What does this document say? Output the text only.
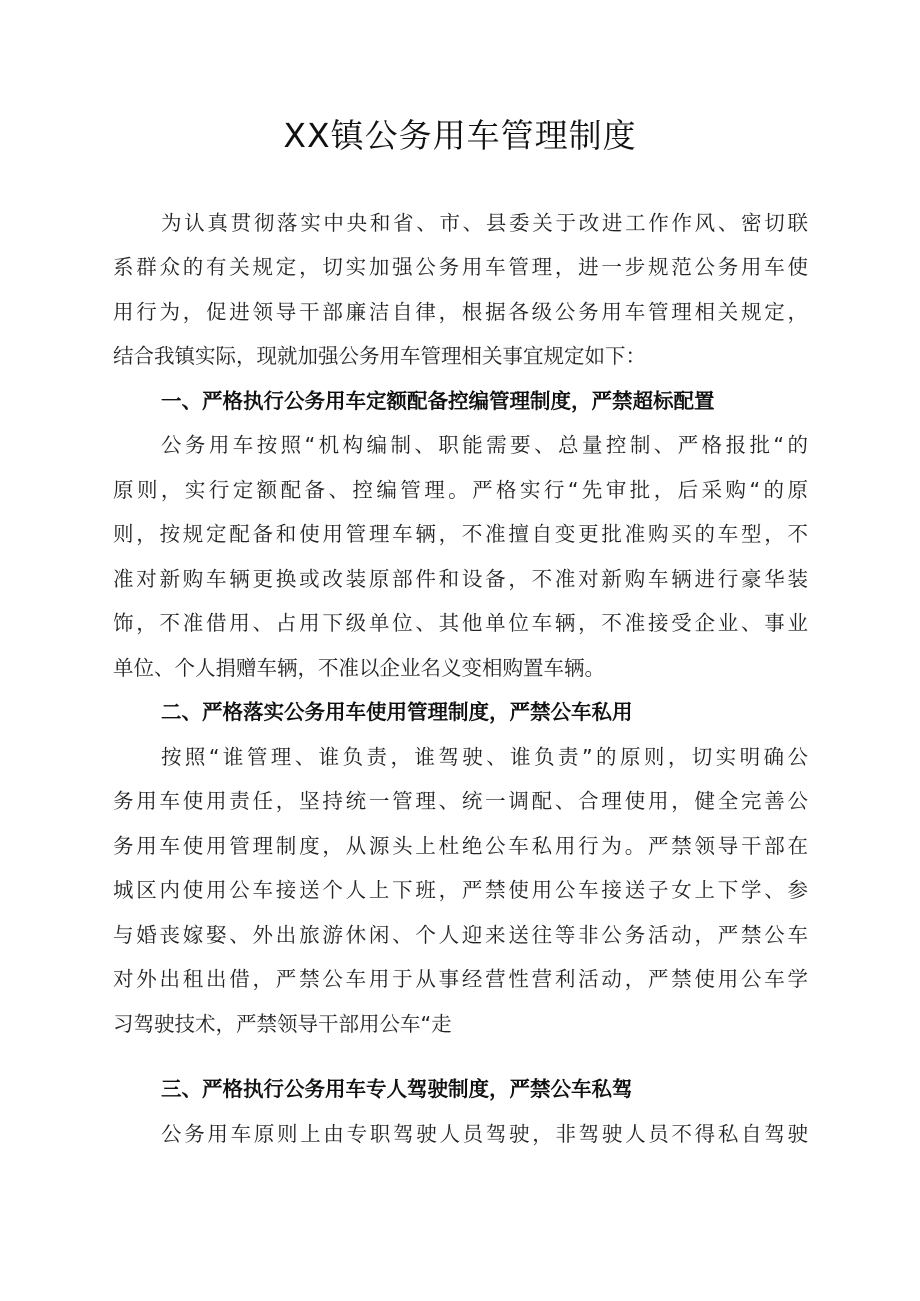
XX镇公务用车管理制度
为认真贯彻落实中央和省、市、县委关于改进工作作风、密切联
系群众的有关规定，切实加强公务用车管理，进一步规范公务用车使
用行为，促进领导干部廉洁自律，根据各级公务用车管理相关规定，
结合我镇实际，现就加强公务用车管理相关事宜规定如下：
一、严格执行公务用车定额配备控编管理制度，严禁超标配置
公务用车按照“机构编制、职能需要、总量控制、严格报批“的
原则，实行定额配备、控编管理。严格实行“先审批，后采购“的原
则，按规定配备和使用管理车辆，不准擅自变更批准购买的车型，不
准对新购车辆更换或改装原部件和设备，不准对新购车辆进行豪华装
饰，不准借用、占用下级单位、其他单位车辆，不准接受企业、事业
单位、个人捐赠车辆，不准以企业名义变相购置车辆。
二、严格落实公务用车使用管理制度，严禁公车私用
按照“谁管理、谁负责，谁驾驶、谁负责”的原则，切实明确公
务用车使用责任，坚持统一管理、统一调配、合理使用，健全完善公
务用车使用管理制度，从源头上杜绝公车私用行为。严禁领导干部在
城区内使用公车接送个人上下班，严禁使用公车接送子女上下学、参
与婚丧嫁娶、外出旅游休闲、个人迎来送往等非公务活动，严禁公车
对外出租出借，严禁公车用于从事经营性营利活动，严禁使用公车学
习驾驶技术，严禁领导干部用公车“走
三、严格执行公务用车专人驾驶制度，严禁公车私驾
公务用车原则上由专职驾驶人员驾驶，非驾驶人员不得私自驾驶
